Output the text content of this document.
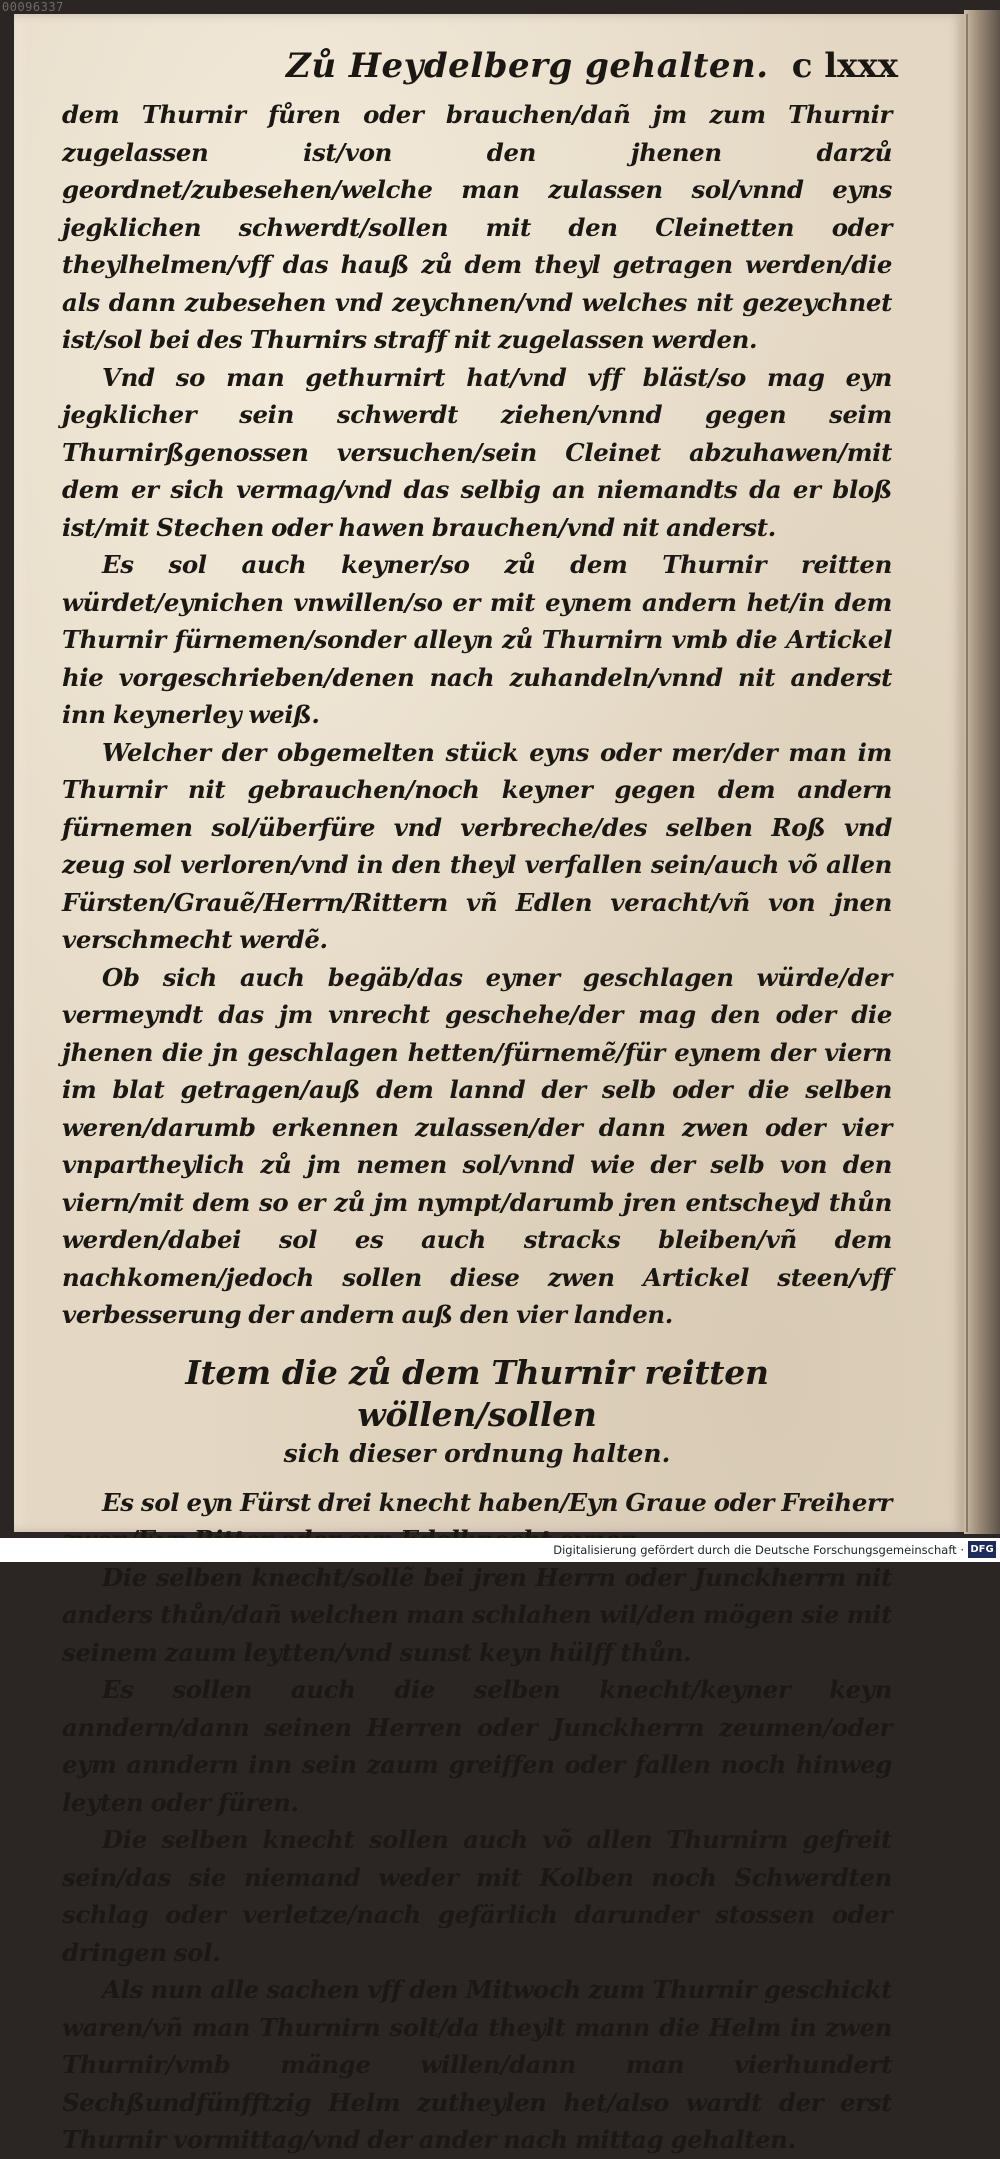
00096337
Zů Heydelberg gehalten. c lxxx

dem Thurnir fůren oder brauchen/dañ jm zum Thurnir zugelassen ist/von den jhenen darzů geordnet/zubesehen/welche man zulassen sol/vnnd eyns jegklichen schwerdt/sollen mit den Cleinetten oder theylhelmen/vff das hauß zů dem theyl getragen werden/die als dann zubesehen vnd zeychnen/vnd welches nit gezeychnet ist/sol bei des Thurnirs straff nit zugelassen werden.

Vnd so man gethurnirt hat/vnd vff bläst/so mag eyn jegklicher sein schwerdt ziehen/vnnd gegen seim Thurnirßgenossen versuchen/sein Cleinet abzuhawen/mit dem er sich vermag/vnd das selbig an niemandts da er bloß ist/mit Stechen oder hawen brauchen/vnd nit anderst.

Es sol auch keyner/so zů dem Thurnir reitten würdet/eynichen vnwillen/so er mit eynem andern het/in dem Thurnir fürnemen/sonder alleyn zů Thurnirn vmb die Artickel hie vorgeschrieben/denen nach zuhandeln/vnnd nit anderst inn keynerley weiß.

Welcher der obgemelten stück eyns oder mer/der man im Thurnir nit gebrauchen/noch keyner gegen dem andern fürnemen sol/überfüre vnd verbreche/des selben Roß vnd zeug sol verloren/vnd in den theyl verfallen sein/auch võ allen Fürsten/Grauẽ/Herrn/Rittern vñ Edlen veracht/vñ von jnen verschmecht werdẽ.

Ob sich auch begäb/das eyner geschlagen würde/der vermeyndt das jm vnrecht geschehe/der mag den oder die jhenen die jn geschlagen hetten/fürnemẽ/für eynem der viern im blat getragen/auß dem lannd der selb oder die selben weren/darumb erkennen zulassen/der dann zwen oder vier vnpartheylich zů jm nemen sol/vnnd wie der selb von den viern/mit dem so er zů jm nympt/darumb jren entscheyd thůn werden/dabei sol es auch stracks bleiben/vñ dem nachkomen/jedoch sollen diese zwen Artickel steen/vff verbesserung der andern auß den vier landen.

Item die zů dem Thurnir reitten wöllen/sollen
sich dieser ordnung halten.

Es sol eyn Fürst drei knecht haben/Eyn Graue oder Freiherr

Die selben knecht/sollẽ bei jren Herrn oder Junckherrn nit anders thůn/dañ welchen man schlahen wil/den mögen sie mit seinem zaum leytten/vnd sunst keyn hülff thůn.

Es sollen auch die selben knecht/keyner keyn anndern/dann seinen Herren oder Junckherrn zeumen/oder eym anndern inn sein zaum greiffen oder fallen noch hinweg leyten oder füren.

Die selben knecht sollen auch võ allen Thurnirn gefreit sein/das sie niemand weder mit Kolben noch Schwerdten schlag oder verletze/nach gefärlich darunder stossen oder dringen sol.

Als nun alle sachen vff den Mitwoch zum Thurnir geschickt waren/vñ man Thurnirn solt/da theylt mann die Helm in zwen Thurnir/vmb mänge willen/dann man vierhundert Sechßundfünfftzig Helm zutheylen het/also wardt der erst Thurnir vormittag/vnd der ander nach mittag gehalten.

Digitalisierung gefördert durch die Deutsche Forschungsgemeinschaft · DFG
